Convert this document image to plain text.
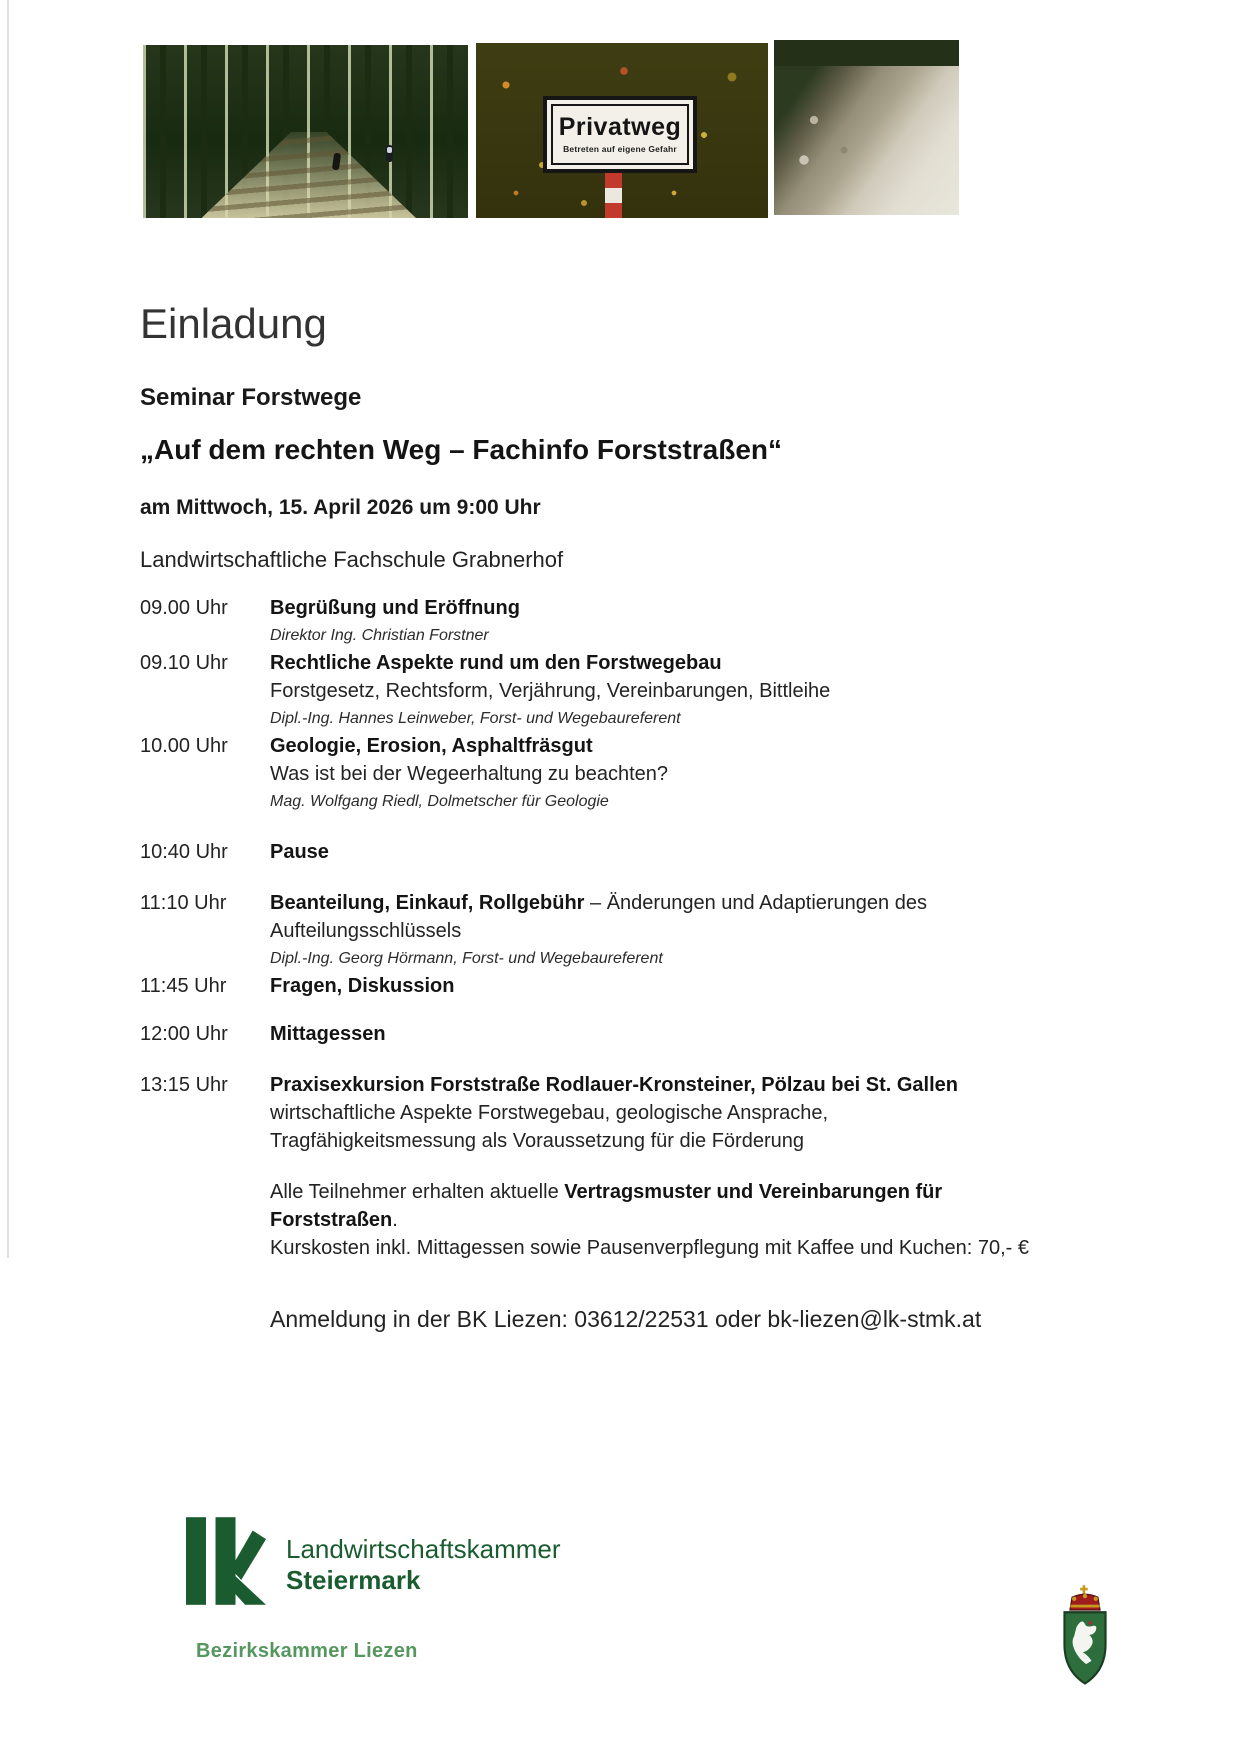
Privatweg
Betreten auf eigene Gefahr
Einladung
Seminar Forstwege
„Auf dem rechten Weg – Fachinfo Forststraßen“
am Mittwoch, 15. April 2026 um 9:00 Uhr
Landwirtschaftliche Fachschule Grabnerhof
09.00 Uhr	Begrüßung und Eröffnung
Direktor Ing. Christian Forstner
09.10 Uhr	Rechtliche Aspekte rund um den Forstwegebau
Forstgesetz, Rechtsform, Verjährung, Vereinbarungen, Bittleihe
Dipl.-Ing. Hannes Leinweber, Forst- und Wegebaureferent
10.00 Uhr	Geologie, Erosion, Asphaltfräsgut
Was ist bei der Wegeerhaltung zu beachten?
Mag. Wolfgang Riedl, Dolmetscher für Geologie
10:40 Uhr	Pause
11:10 Uhr	Beanteilung, Einkauf, Rollgebühr – Änderungen und Adaptierungen des Aufteilungsschlüssels
Dipl.-Ing. Georg Hörmann, Forst- und Wegebaureferent
11:45 Uhr	Fragen, Diskussion
12:00 Uhr	Mittagessen
13:15 Uhr	Praxisexkursion Forststraße Rodlauer-Kronsteiner, Pölzau bei St. Gallen
wirtschaftliche Aspekte Forstwegebau, geologische Ansprache,
Tragfähigkeitsmessung als Voraussetzung für die Förderung
Alle Teilnehmer erhalten aktuelle Vertragsmuster und Vereinbarungen für Forststraßen.
Kurskosten inkl. Mittagessen sowie Pausenverpflegung mit Kaffee und Kuchen: 70,- €
Anmeldung in der BK Liezen: 03612/22531 oder bk-liezen@lk-stmk.at
Landwirtschaftskammer
Steiermark
Bezirkskammer Liezen
